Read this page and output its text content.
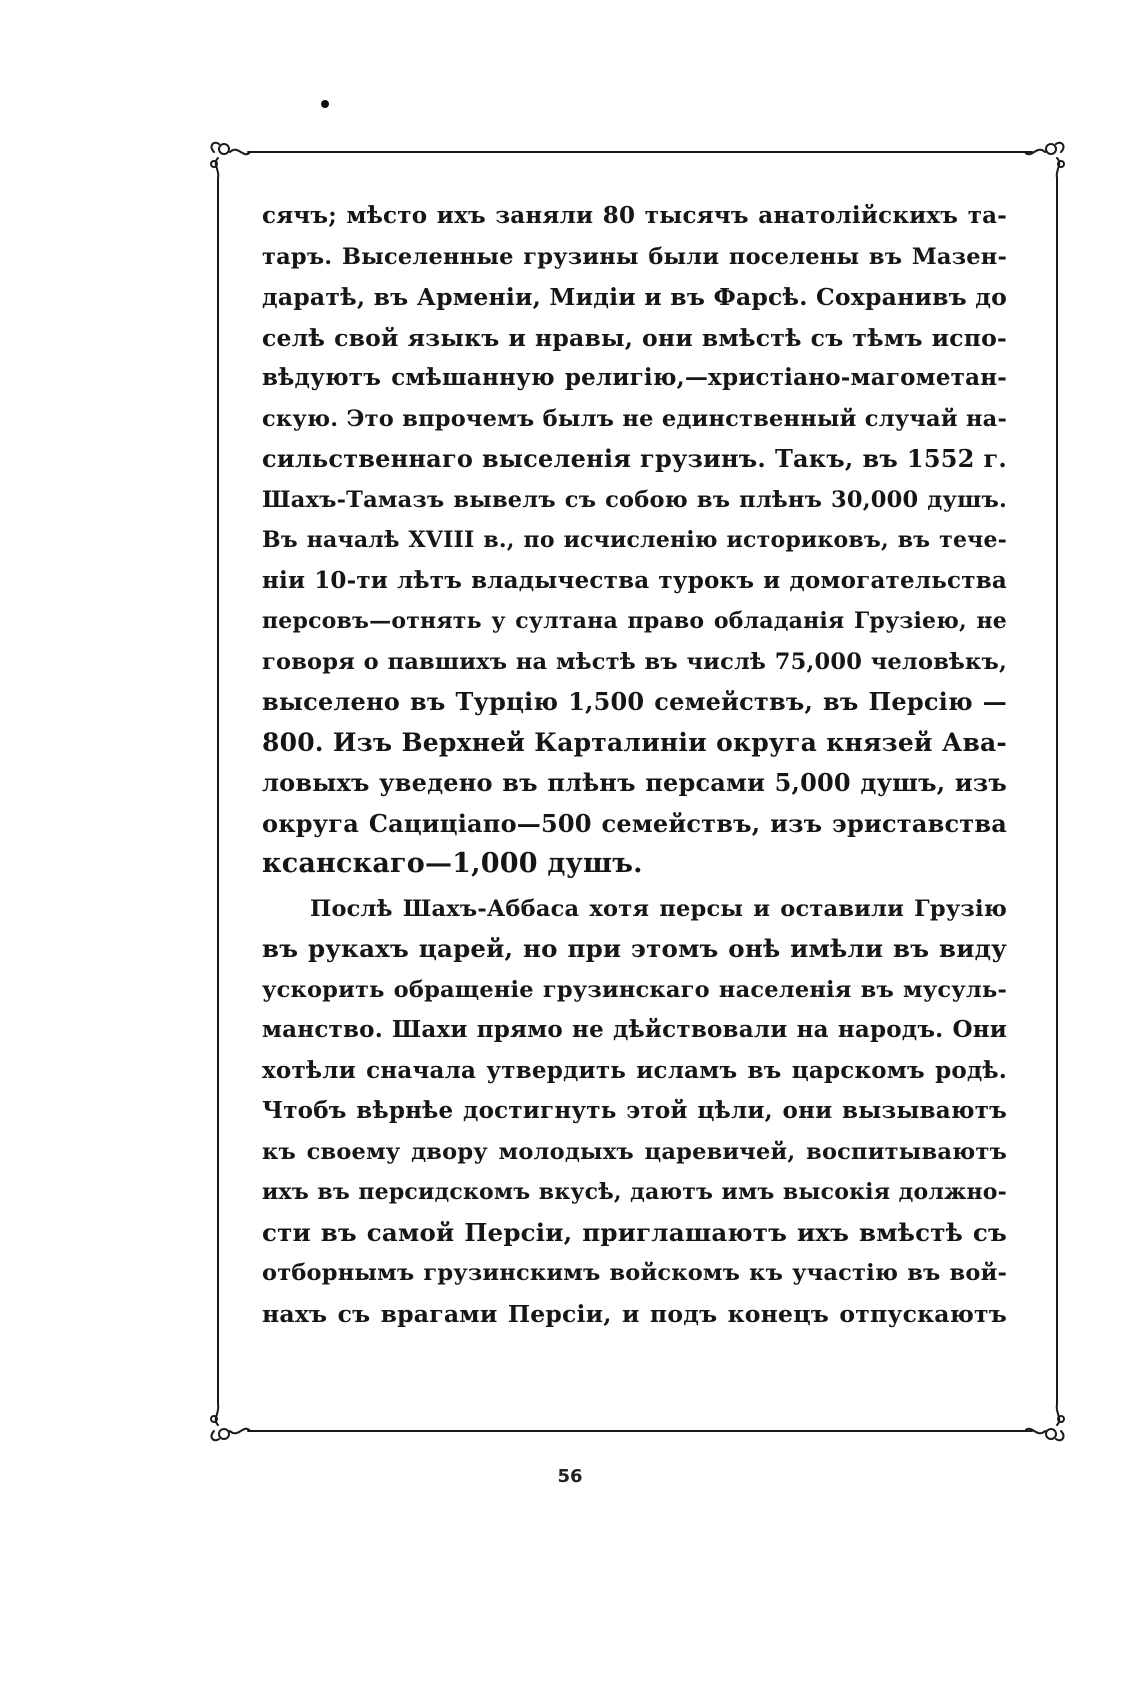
сячъ; мѣсто ихъ заняли 80 тысячъ анатолійскихъ та-
таръ. Выселенные грузины были поселены въ Мазен-
даратѣ, въ Арменіи, Мидіи и въ Фарсѣ. Сохранивъ до
селѣ свой языкъ и нравы, они вмѣстѣ съ тѣмъ испо-
вѣдуютъ смѣшанную религію,—христіано-магометан-
скую. Это впрочемъ былъ не единственный случай на-
сильственнаго выселенія грузинъ. Такъ, въ 1552 г.
Шахъ-Тамазъ вывелъ съ собою въ плѣнъ 30,000 душъ.
Въ началѣ XVIII в., по исчисленію историковъ, въ тече-
ніи 10-ти лѣтъ владычества турокъ и домогательства
персовъ—отнять у султана право обладанія Грузіею, не
говоря о павшихъ на мѣстѣ въ числѣ 75,000 человѣкъ,
выселено въ Турцію 1,500 семействъ, въ Персію —
800. Изъ Верхней Карталиніи округа князей Ава-
ловыхъ уведено въ плѣнъ персами 5,000 душъ, изъ
округа Сациціапо—500 семействъ, изъ эриставства
ксанскаго—1,000 душъ.
Послѣ Шахъ-Аббаса хотя персы и оставили Грузію
въ рукахъ царей, но при этомъ онѣ имѣли въ виду
ускорить обращеніе грузинскаго населенія въ мусуль-
манство. Шахи прямо не дѣйствовали на народъ. Они
хотѣли сначала утвердить исламъ въ царскомъ родѣ.
Чтобъ вѣрнѣе достигнуть этой цѣли, они вызываютъ
къ своему двору молодыхъ царевичей, воспитываютъ
ихъ въ персидскомъ вкусѣ, даютъ имъ высокія должно-
сти въ самой Персіи, приглашаютъ ихъ вмѣстѣ съ
отборнымъ грузинскимъ войскомъ къ участію въ вой-
нахъ съ врагами Персіи, и подъ конецъ отпускаютъ
56
